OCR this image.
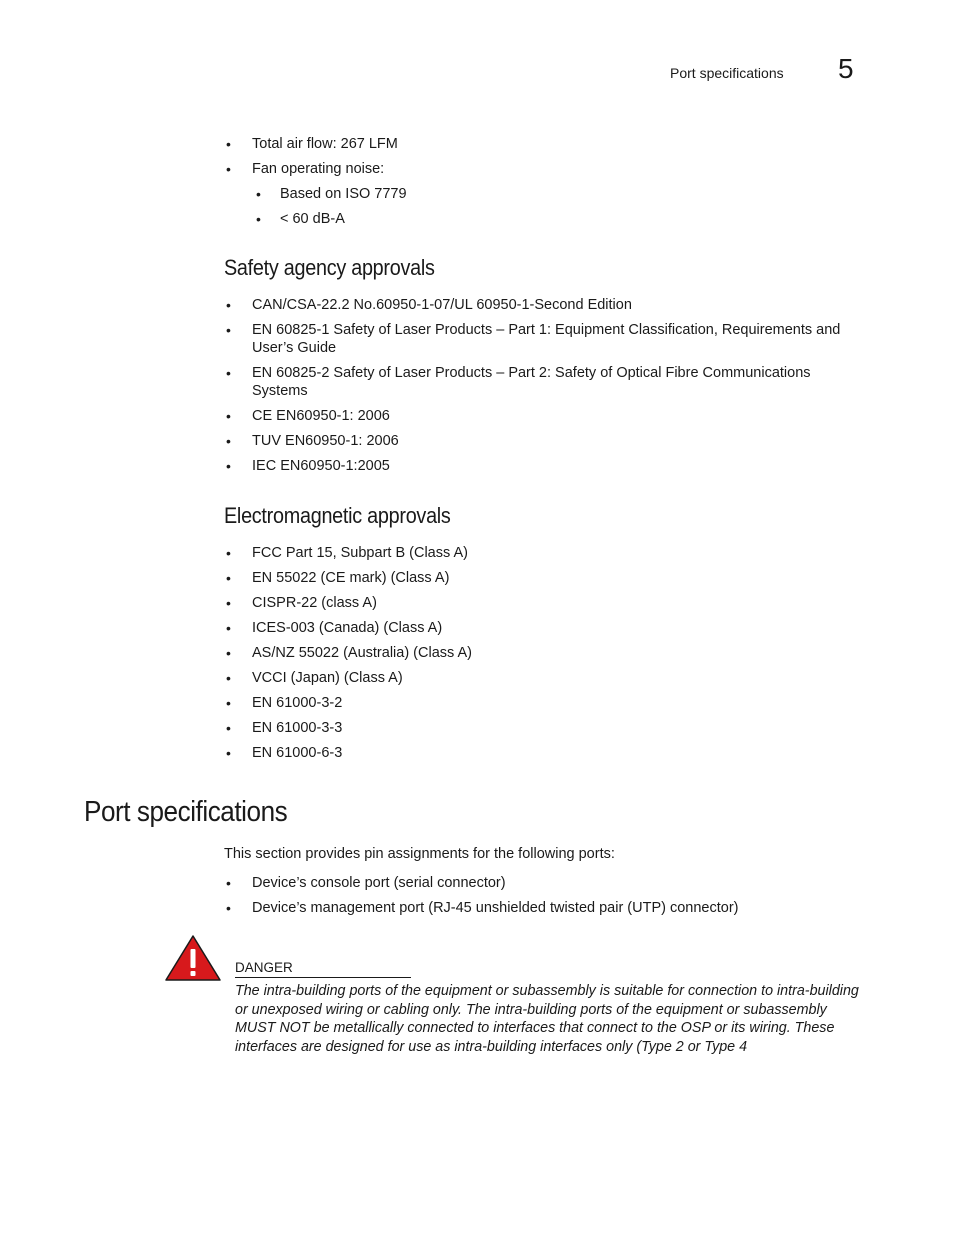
Port specifications 5
• Total air flow: 267 LFM
• Fan operating noise:
• Based on ISO 7779
• < 60 dB-A
Safety agency approvals
• CAN/CSA-22.2 No.60950-1-07/UL 60950-1-Second Edition
• EN 60825-1 Safety of Laser Products – Part 1: Equipment Classification, Requirements and User’s Guide
• EN 60825-2 Safety of Laser Products – Part 2: Safety of Optical Fibre Communications Systems
• CE EN60950-1: 2006
• TUV EN60950-1: 2006
• IEC EN60950-1:2005
Electromagnetic approvals
• FCC Part 15, Subpart B (Class A)
• EN 55022 (CE mark) (Class A)
• CISPR-22 (class A)
• ICES-003 (Canada) (Class A)
• AS/NZ 55022 (Australia) (Class A)
• VCCI (Japan) (Class A)
• EN 61000-3-2
• EN 61000-3-3
• EN 61000-6-3
Port specifications
This section provides pin assignments for the following ports:
• Device’s console port (serial connector)
• Device’s management port (RJ-45 unshielded twisted pair (UTP) connector)
DANGER
The intra-building ports of the equipment or subassembly is suitable for connection to intra-building or unexposed wiring or cabling only. The intra-building ports of the equipment or subassembly MUST NOT be metallically connected to interfaces that connect to the OSP or its wiring. These interfaces are designed for use as intra-building interfaces only (Type 2 or Type 4
